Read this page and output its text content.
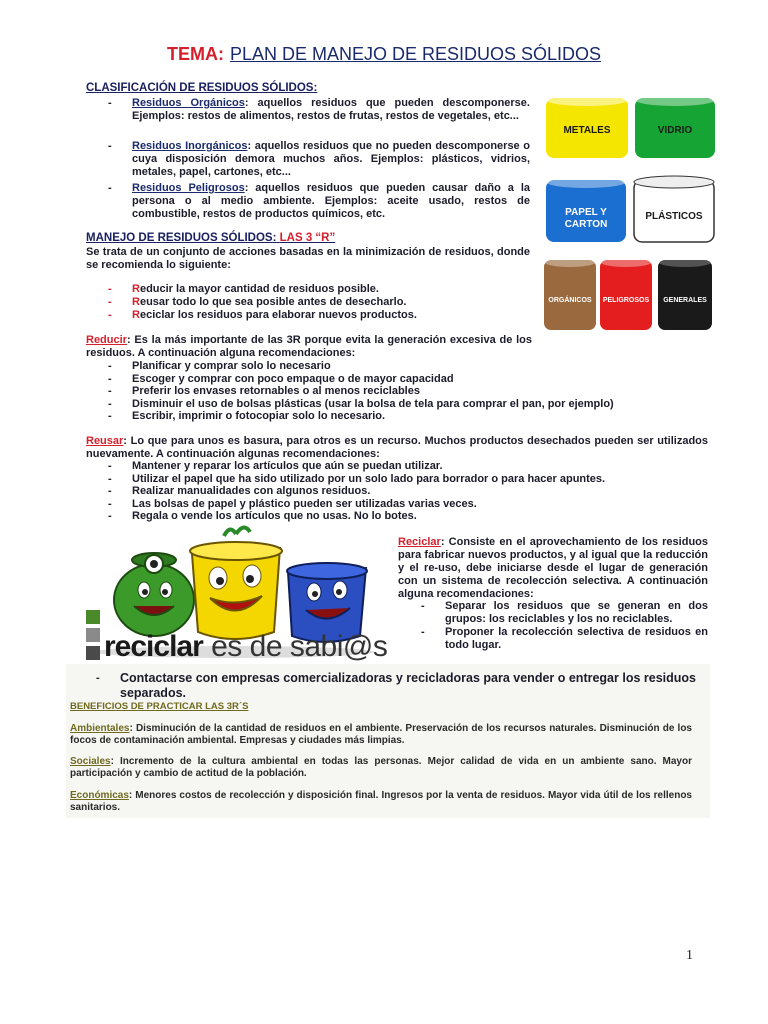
TEMA: PLAN DE MANEJO DE RESIDUOS SÓLIDOS
CLASIFICACIÓN DE RESIDUOS SÓLIDOS:
- Residuos Orgánicos: aquellos residuos que pueden descomponerse. Ejemplos: restos de alimentos, restos de frutas, restos de vegetales, etc...
- Residuos Inorgánicos: aquellos residuos que no pueden descomponerse o cuya disposición demora muchos años. Ejemplos: plásticos, vidrios, metales, papel, cartones, etc...
- Residuos Peligrosos: aquellos residuos que pueden causar daño a la persona o al medio ambiente. Ejemplos: aceite usado, restos de combustible, restos de productos químicos, etc.
METALES	VIDRIO
PAPEL Y
CARTON
PLÁSTICOS
ORGÁNICOS PELIGROSOS GENERALES
MANEJO DE RESIDUOS SÓLIDOS: LAS 3 “R”
Se trata de un conjunto de acciones basadas en la minimización de residuos, donde se recomienda lo siguiente:
- Reducir la mayor cantidad de residuos posible.
- Reusar todo lo que sea posible antes de desecharlo.
- Reciclar los residuos para elaborar nuevos productos.
Reducir: Es la más importante de las 3R porque evita la generación excesiva de los residuos. A continuación alguna recomendaciones:
- Planificar y comprar solo lo necesario
- Escoger y comprar con poco empaque o de mayor capacidad
- Preferir los envases retornables o al menos reciclables
- Disminuir el uso de bolsas plásticas (usar la bolsa de tela para comprar el pan, por ejemplo)
- Escribir, imprimir o fotocopiar solo lo necesario.
Reusar: Lo que para unos es basura, para otros es un recurso. Muchos productos desechados pueden ser utilizados nuevamente. A continuación algunas recomendaciones:
- Mantener y reparar los artículos que aún se puedan utilizar.
- Utilizar el papel que ha sido utilizado por un solo lado para borrador o para hacer apuntes.
- Realizar manualidades con algunos residuos.
- Las bolsas de papel y plástico pueden ser utilizadas varias veces.
- Regala o vende los artículos que no usas. No lo botes.
reciclar es de sabi@s
Reciclar: Consiste en el aprovechamiento de los residuos para fabricar nuevos productos, y al igual que la reducción y el re-uso, debe iniciarse desde el lugar de generación con un sistema de recolección selectiva. A continuación alguna recomendaciones:
- Separar los residuos que se generan en dos grupos: los reciclables y los no reciclables.
- Proponer la recolección selectiva de residuos en todo lugar.
- Contactarse con empresas comercializadoras y recicladoras para vender o entregar los residuos separados.
BENEFICIOS DE PRACTICAR LAS 3R´S
Ambientales: Disminución de la cantidad de residuos en el ambiente. Preservación de los recursos naturales. Disminución de los focos de contaminación ambiental. Empresas y ciudades más limpias.
Sociales: Incremento de la cultura ambiental en todas las personas. Mejor calidad de vida en un ambiente sano. Mayor participación y cambio de actitud de la población.
Económicas: Menores costos de recolección y disposición final. Ingresos por la venta de residuos. Mayor vida útil de los rellenos sanitarios.
1
